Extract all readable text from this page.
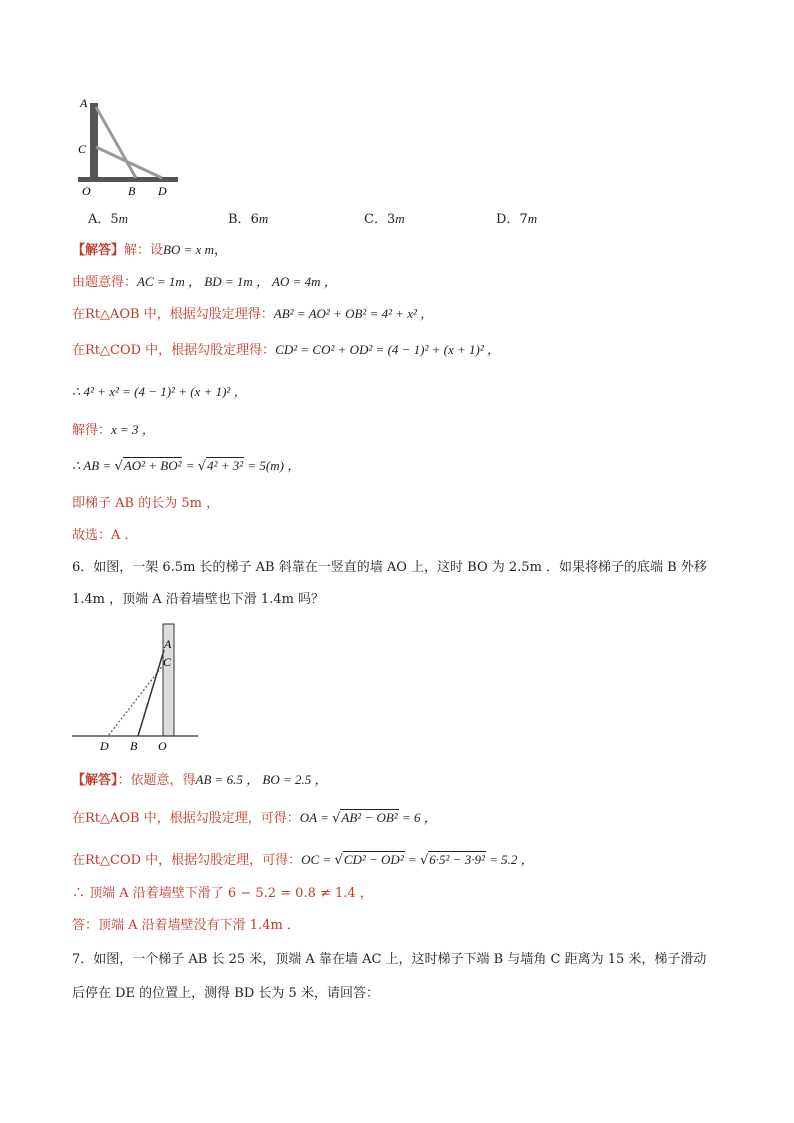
A
C
O	B D
A．5m	B．6m	C．3m	D．7m
【解答】解：设BO = x m，
由题意得：AC = 1m ， BD = 1m ， AO = 4m ，
在Rt△AOB 中，根据勾股定理得：AB² = AO² + OB² = 4² + x² ，
在Rt△COD 中，根据勾股定理得：CD² = CO² + OD² = (4 − 1)² + (x + 1)² ，
∴ 4² + x² = (4 − 1)² + (x + 1)² ，
解得：x = 3 ，
∴ AB = √AO² + BO² = √4² + 3² = 5(m) ，
即梯子 AB 的长为 5m ，
故选：A ．
6．如图，一架 6.5m 长的梯子 AB 斜靠在一竖直的墙 AO 上，这时 BO 为 2.5m ．如果将梯子的底端 B 外移
1.4m ，顶端 A 沿着墙壁也下滑 1.4m 吗？
A
C
D B O
【解答】：依题意，得AB = 6.5 ， BO = 2.5 ，
在Rt△AOB 中，根据勾股定理，可得：OA = √AB² − OB² = 6 ，
在Rt△COD 中，根据勾股定理，可得：OC = √CD² − OD² = √6·5² − 3·9² = 5.2 ，
∴ 顶端 A 沿着墙壁下滑了 6 − 5.2 = 0.8 ≠ 1.4 ，
答：顶端 A 沿着墙壁没有下滑 1.4m ．
7．如图，一个梯子 AB 长 25 米，顶端 A 靠在墙 AC 上，这时梯子下端 B 与墙角 C 距离为 15 米，梯子滑动
后停在 DE 的位置上，测得 BD 长为 5 米，请回答：
